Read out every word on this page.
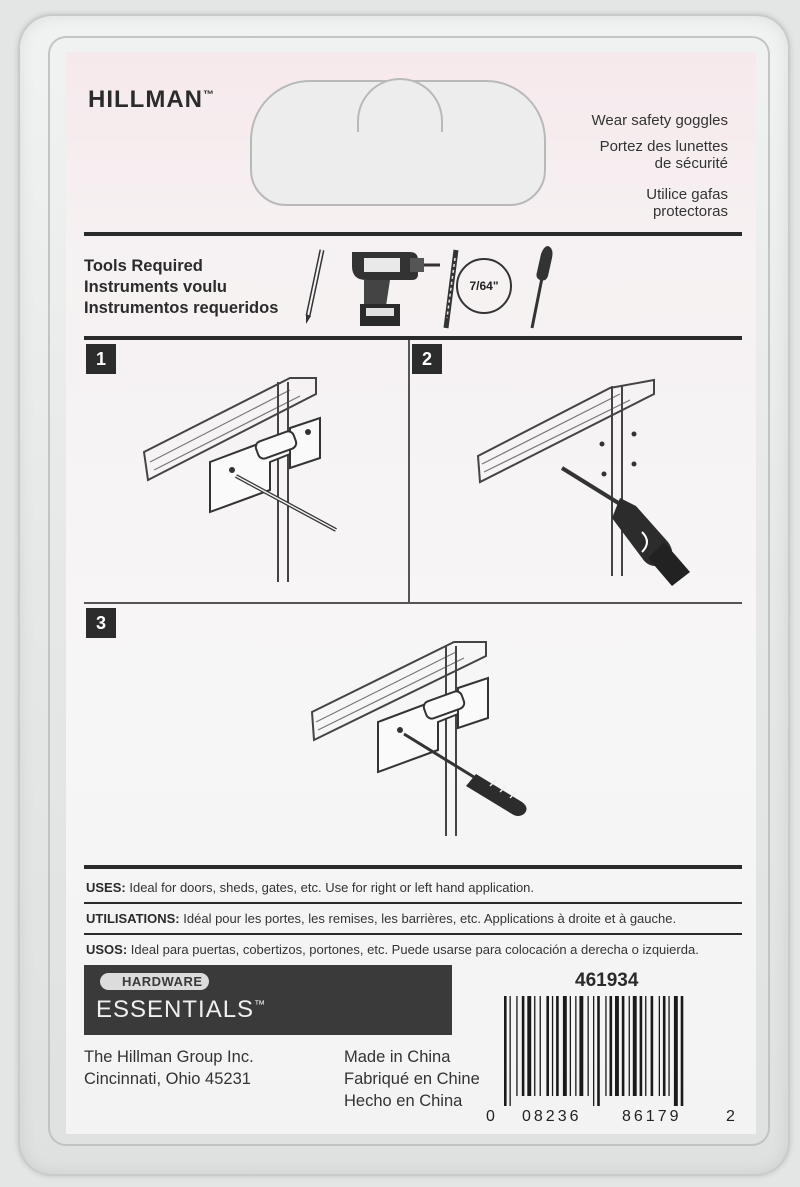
HILLMAN™
Wear safety goggles
Portez des lunettes
de sécurité
Utilice gafas
protectoras
Tools Required
Instruments voulu
Instrumentos requeridos
7/64"
1	2
3
USES: Ideal for doors, sheds, gates, etc. Use for right or left hand application.
UTILISATIONS: Idéal pour les portes, les remises, les barrières, etc. Applications à droite et à gauche.
USOS: Ideal para puertas, cobertizos, portones, etc. Puede usarse para colocación a derecha o izquierda.
HARDWARE
ESSENTIALS™
461934
The Hillman Group Inc.
Cincinnati, Ohio 45231
Made in China
Fabriqué en Chine
Hecho en China
0 08236	86179	2
